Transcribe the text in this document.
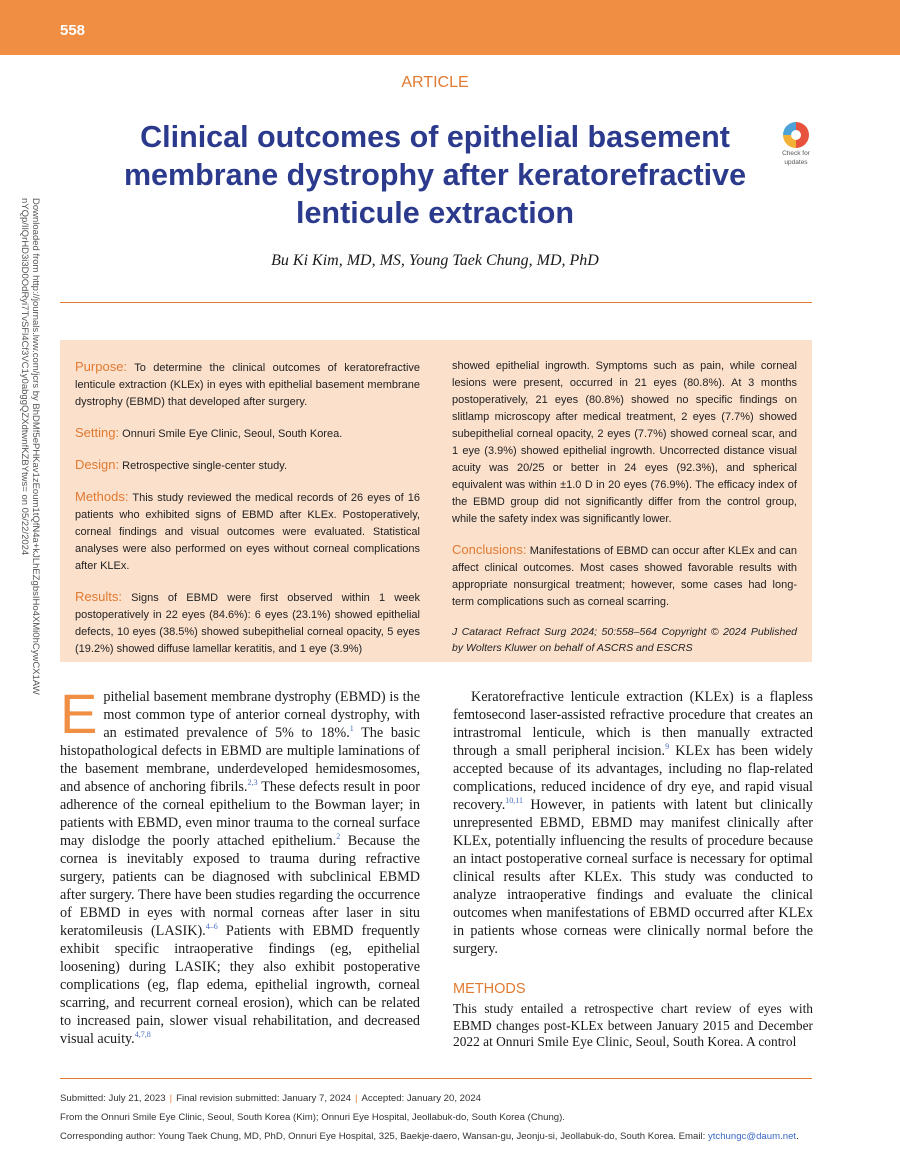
558
Downloaded from http://journals.lww.com/jcrs by BhDMf5ePHKav1zEoum1tQfN4a+kJLhEZgbsIHo4XMi0hCywCX1AW
nYQp/IlQrHD3i3D0OdRyi7TvSFl4Cf3VC1y0abggQZXdtwnfKZBYtws= on 05/22/2024
ARTICLE
Clinical outcomes of epithelial basement membrane dystrophy after keratorefractive lenticule extraction
Check for
updates
Bu Ki Kim, MD, MS, Young Taek Chung, MD, PhD

Purpose: To determine the clinical outcomes of keratorefractive lenticule extraction (KLEx) in eyes with epithelial basement membrane dystrophy (EBMD) that developed after surgery.

Setting: Onnuri Smile Eye Clinic, Seoul, South Korea.

Design: Retrospective single-center study.

Methods: This study reviewed the medical records of 26 eyes of 16 patients who exhibited signs of EBMD after KLEx. Postoperatively, corneal findings and visual outcomes were evaluated. Statistical analyses were also performed on eyes without corneal complications after KLEx.

Results: Signs of EBMD were first observed within 1 week postoperatively in 22 eyes (84.6%): 6 eyes (23.1%) showed epithelial defects, 10 eyes (38.5%) showed subepithelial corneal opacity, 5 eyes (19.2%) showed diffuse lamellar keratitis, and 1 eye (3.9%)

showed epithelial ingrowth. Symptoms such as pain, while corneal lesions were present, occurred in 21 eyes (80.8%). At 3 months postoperatively, 21 eyes (80.8%) showed no specific findings on slitlamp microscopy after medical treatment, 2 eyes (7.7%) showed subepithelial corneal opacity, 2 eyes (7.7%) showed corneal scar, and 1 eye (3.9%) showed epithelial ingrowth. Uncorrected distance visual acuity was 20/25 or better in 24 eyes (92.3%), and spherical equivalent was within ±1.0 D in 20 eyes (76.9%). The efficacy index of the EBMD group did not significantly differ from the control group, while the safety index was significantly lower.

Conclusions: Manifestations of EBMD can occur after KLEx and can affect clinical outcomes. Most cases showed favorable results with appropriate nonsurgical treatment; however, some cases had long-term complications such as corneal scarring.

J Cataract Refract Surg 2024; 50:558–564 Copyright © 2024 Published by Wolters Kluwer on behalf of ASCRS and ESCRS

Epithelial basement membrane dystrophy (EBMD) is the most common type of anterior corneal dystrophy, with an estimated prevalence of 5% to 18%.$^1$ The basic histopathological defects in EBMD are multiple laminations of the basement membrane, underdeveloped hemidesmosomes, and absence of anchoring fibrils.$^{2,3}$ These defects result in poor adherence of the corneal epithelium to the Bowman layer; in patients with EBMD, even minor trauma to the corneal surface may dislodge the poorly attached epithelium.$^2$ Because the cornea is inevitably exposed to trauma during refractive surgery, patients can be diagnosed with subclinical EBMD after surgery. There have been studies regarding the occurrence of EBMD in eyes with normal corneas after laser in situ keratomileusis (LASIK).$^{4-6}$ Patients with EBMD frequently exhibit specific intraoperative findings (eg, epithelial loosening) during LASIK; they also exhibit postoperative complications (eg, flap edema, epithelial ingrowth, corneal scarring, and recurrent corneal erosion), which can be related to increased pain, slower visual rehabilitation, and decreased visual acuity.$^{4,7,8}$

Keratorefractive lenticule extraction (KLEx) is a flapless femtosecond laser-assisted refractive procedure that creates an intrastromal lenticule, which is then manually extracted through a small peripheral incision.$^9$ KLEx has been widely accepted because of its advantages, including no flap-related complications, reduced incidence of dry eye, and rapid visual recovery.$^{10,11}$ However, in patients with latent but clinically unrepresented EBMD, EBMD may manifest clinically after KLEx, potentially influencing the results of procedure because an intact postoperative corneal surface is necessary for optimal clinical results after KLEx. This study was conducted to analyze intraoperative findings and evaluate the clinical outcomes when manifestations of EBMD occurred after KLEx in patients whose corneas were clinically normal before the surgery.

METHODS

This study entailed a retrospective chart review of eyes with EBMD changes post-KLEx between January 2015 and December 2022 at Onnuri Smile Eye Clinic, Seoul, South Korea. A control

Submitted: July 21, 2023 | Final revision submitted: January 7, 2024 | Accepted: January 20, 2024
From the Onnuri Smile Eye Clinic, Seoul, South Korea (Kim); Onnuri Eye Hospital, Jeollabuk-do, South Korea (Chung).
Corresponding author: Young Taek Chung, MD, PhD, Onnuri Eye Hospital, 325, Baekje-daero, Wansan-gu, Jeonju-si, Jeollabuk-do, South Korea. Email: ytchungc@daum.net.
